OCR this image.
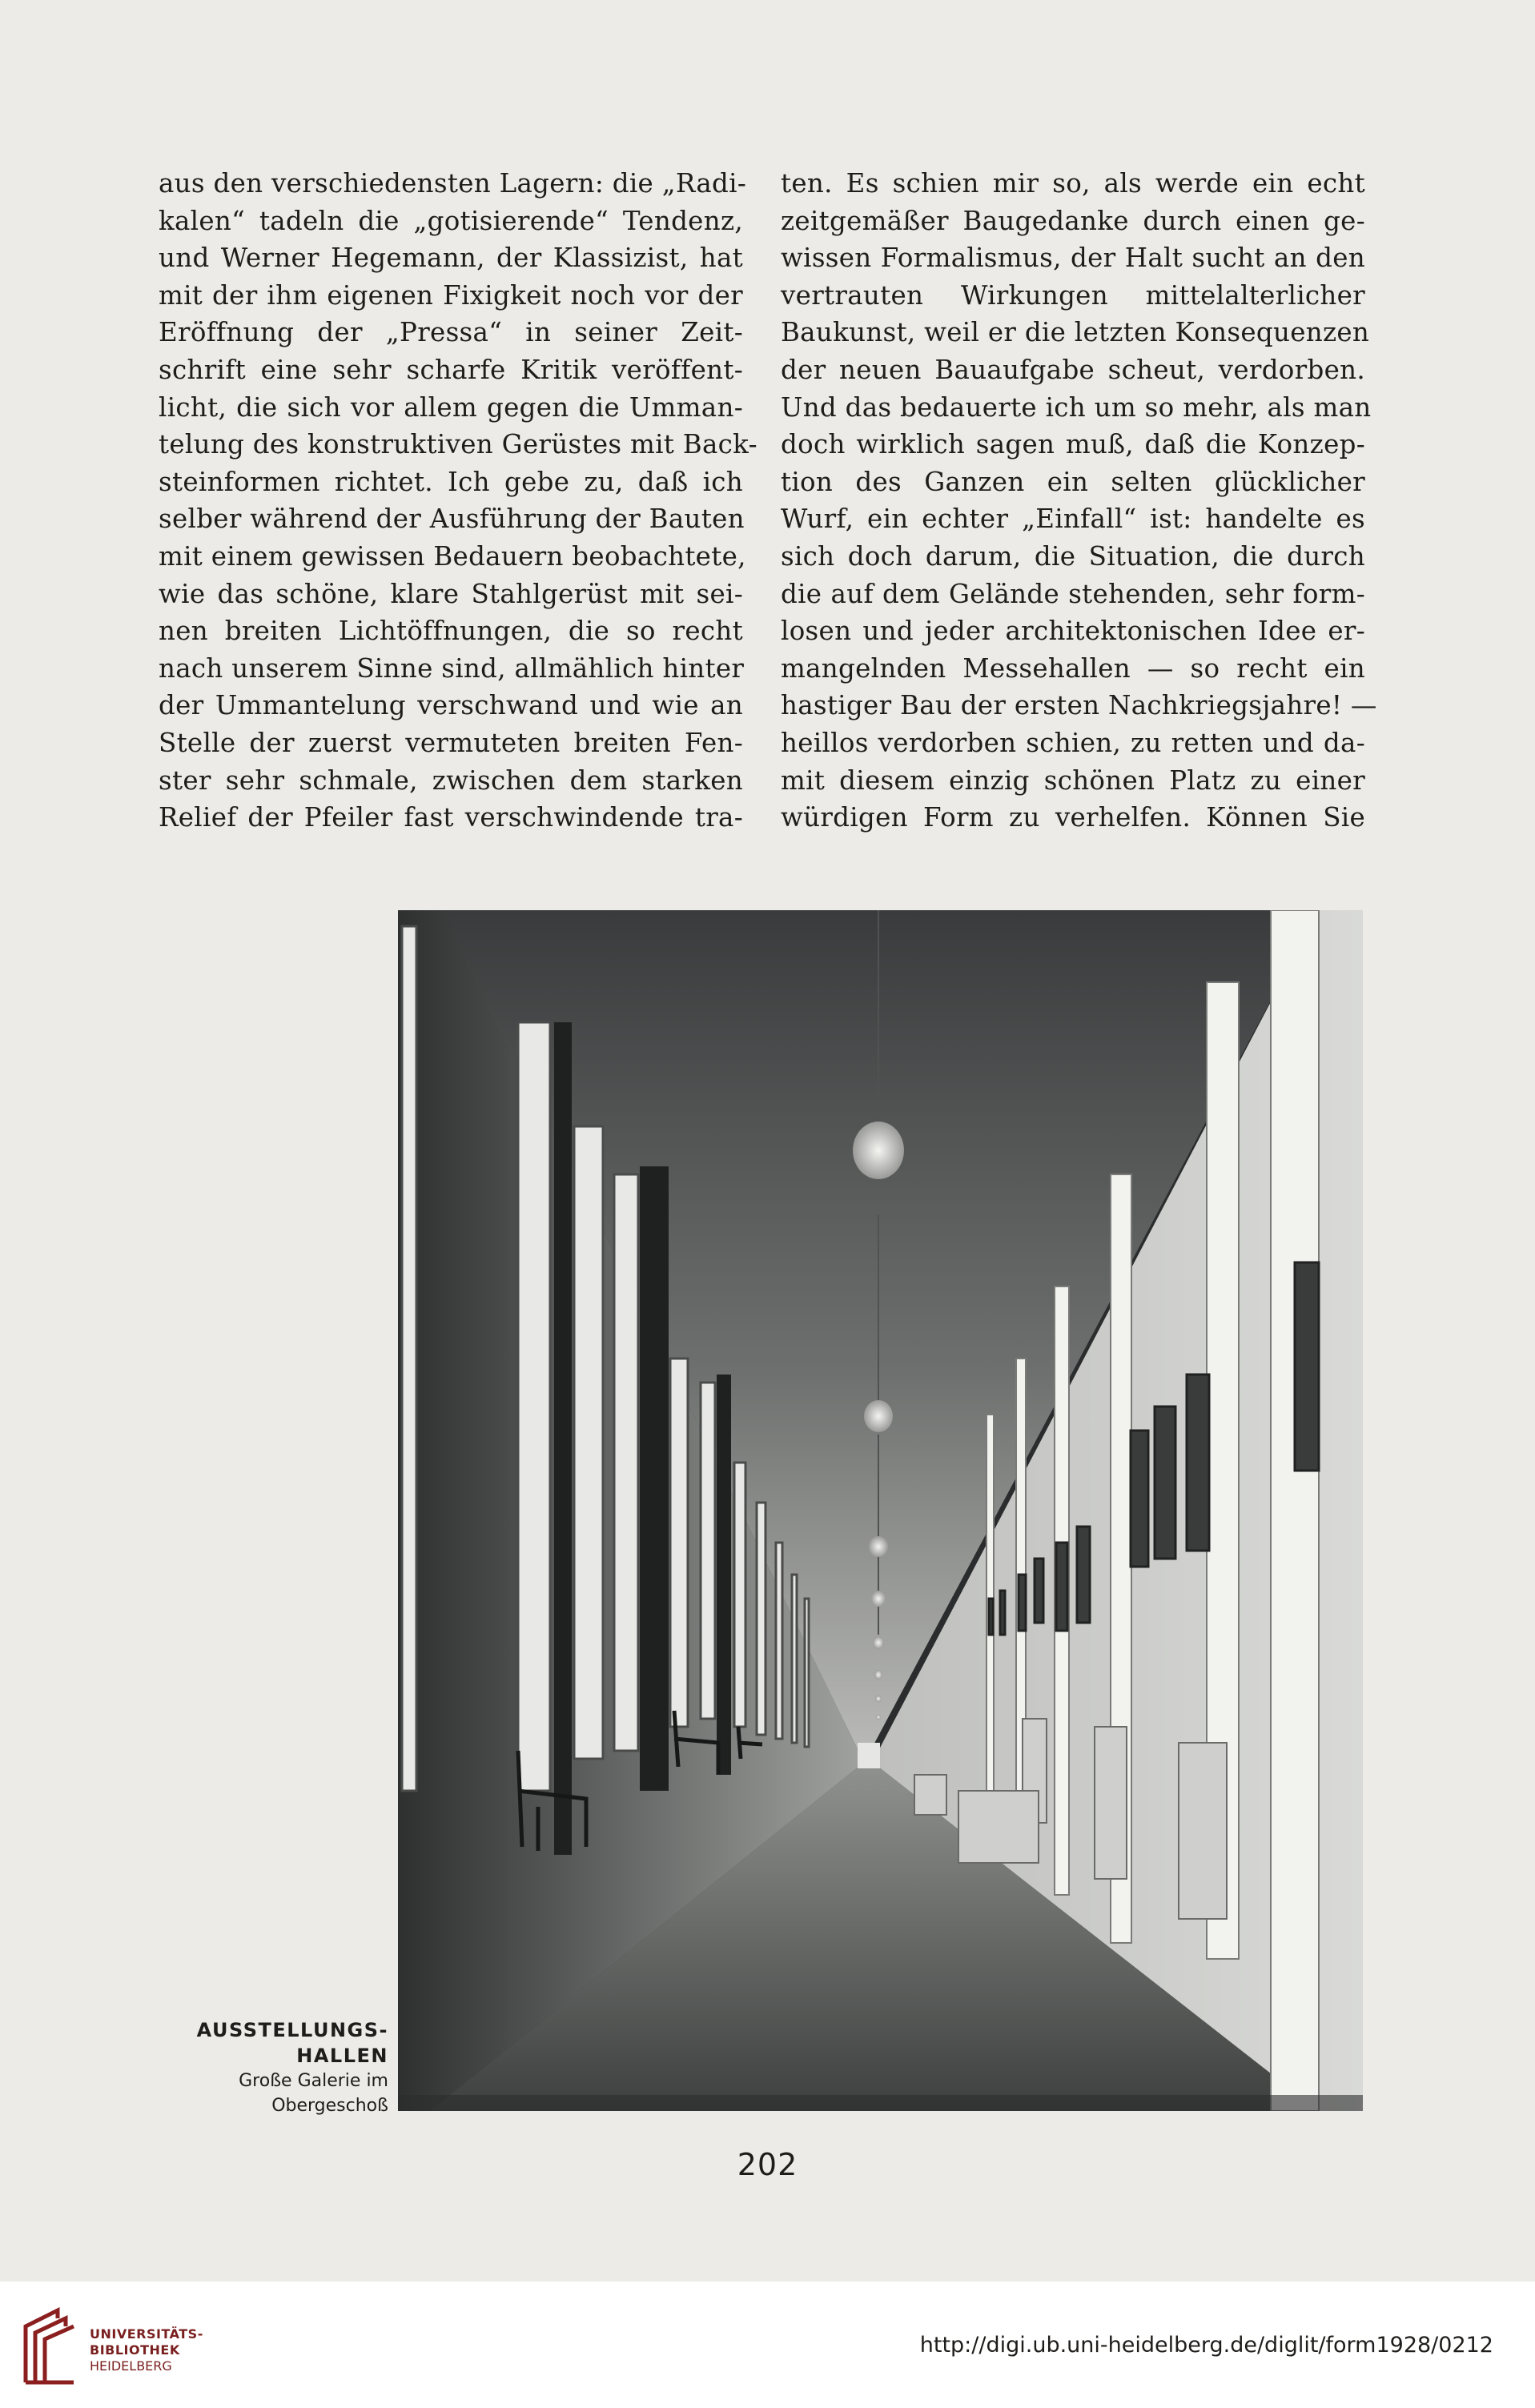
aus den verschiedensten Lagern: die „Radi-
kalen“ tadeln die „gotisierende“ Tendenz,
und Werner Hegemann, der Klassizist, hat
mit der ihm eigenen Fixigkeit noch vor der
Eröffnung der „Pressa“ in seiner Zeit-
schrift eine sehr scharfe Kritik veröffent-
licht, die sich vor allem gegen die Umman-
telung des konstruktiven Gerüstes mit Back-
steinformen richtet. Ich gebe zu, daß ich
selber während der Ausführung der Bauten
mit einem gewissen Bedauern beobachtete,
wie das schöne, klare Stahlgerüst mit sei-
nen breiten Lichtöffnungen, die so recht
nach unserem Sinne sind, allmählich hinter
der Ummantelung verschwand und wie an
Stelle der zuerst vermuteten breiten Fen-
ster sehr schmale, zwischen dem starken
Relief der Pfeiler fast verschwindende tra-
ten. Es schien mir so, als werde ein echt
zeitgemäßer Baugedanke durch einen ge-
wissen Formalismus, der Halt sucht an den
vertrauten Wirkungen mittelalterlicher
Baukunst, weil er die letzten Konsequenzen
der neuen Bauaufgabe scheut, verdorben.
Und das bedauerte ich um so mehr, als man
doch wirklich sagen muß, daß die Konzep-
tion des Ganzen ein selten glücklicher
Wurf, ein echter „Einfall“ ist: handelte es
sich doch darum, die Situation, die durch
die auf dem Gelände stehenden, sehr form-
losen und jeder architektonischen Idee er-
mangelnden Messehallen — so recht ein
hastiger Bau der ersten Nachkriegsjahre! —
heillos verdorben schien, zu retten und da-
mit diesem einzig schönen Platz zu einer
würdigen Form zu verhelfen. Können Sie
AUSSTELLUNGS-
HALLEN
Große Galerie im
Obergeschoß
202
UNIVERSITÄTS-
BIBLIOTHEK
HEIDELBERG
http://digi.ub.uni-heidelberg.de/diglit/form1928/0212
